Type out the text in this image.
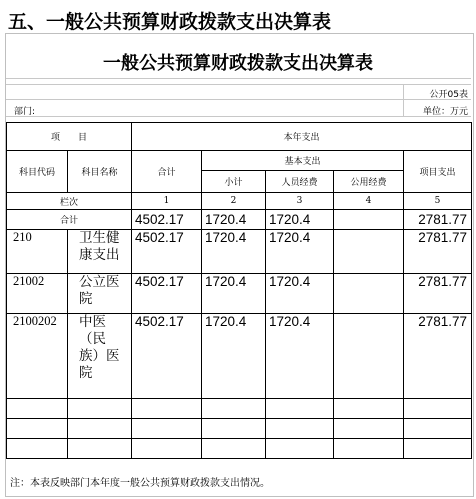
五、一般公共预算财政拨款支出决算表
一般公共预算财政拨款支出决算表
公开05表
部门:	单位：万元
项　　目		本年支出				
科目代码	科目名称	合计	基本支出			项目支出
			小计	人员经费	公用经费	
栏次		1	2	3	4	5
合计		4502.17	1720.4	1720.4		2781.77
210	卫生健康支出	4502.17	1720.4	1720.4		2781.77
21002	公立医院	4502.17	1720.4	1720.4		2781.77
2100202	中医（民族）医院	4502.17	1720.4	1720.4		2781.77

注：本表反映部门本年度一般公共预算财政拨款支出情况。
